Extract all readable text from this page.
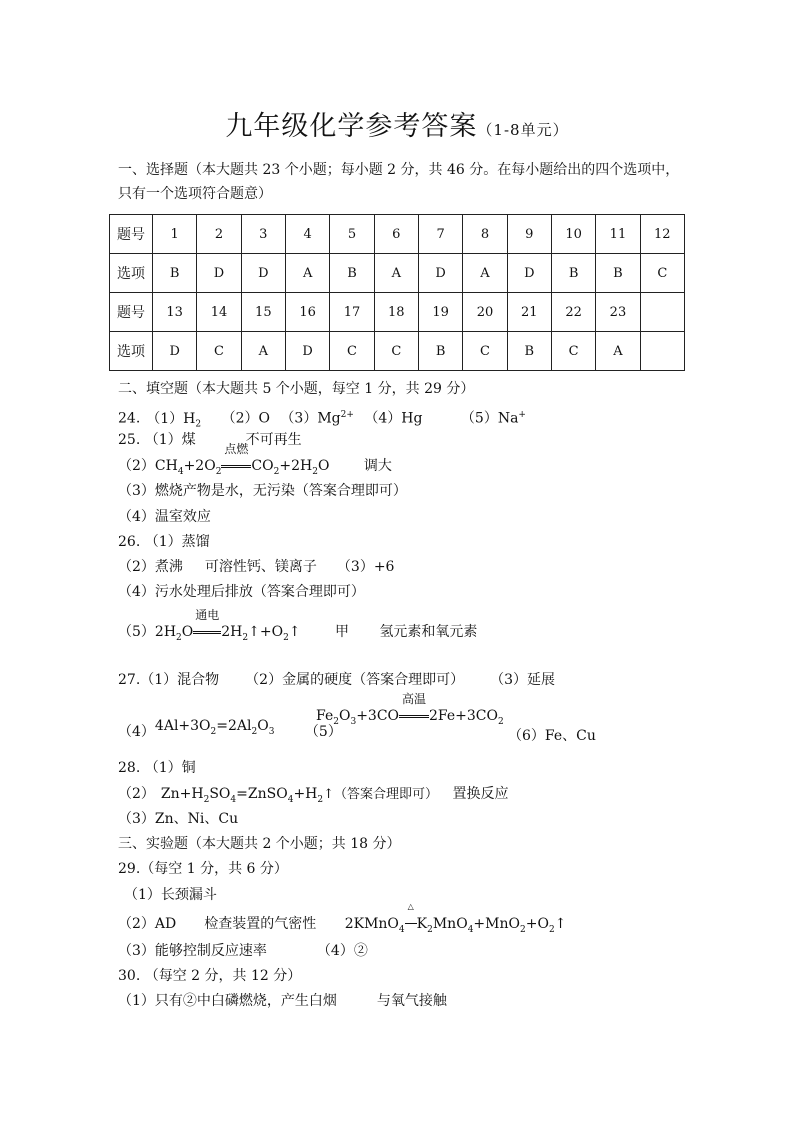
九年级化学参考答案（1-8单元）
一、选择题（本大题共 23 个小题；每小题 2 分，共 46 分。在每小题给出的四个选项中，只有一个选项符合题意）
题号	1	2	3	4	5	6	7	8	9	10	11	12
选项	B	D	D	A	B	A	D	A	D	B	B	C
题号	13	14	15	16	17	18	19	20	21	22	23	
选项	D	C	A	D	C	C	B	C	B	C	A	
二、填空题（本大题共 5 个小题，每空 1 分，共 29 分）
24. $(1)H_2$ （2）O $(3)Mg^{2+}$ （4）Hg	（5）Na+
25. （1）煤	不可再生
$(2)CH_4+2O_2$
点燃
$CO_2+2H_2O$ 调大
（3）燃烧产物是水，无污染（答案合理即可）
（4）温室效应
26. （1）蒸馏
（2）煮沸 可溶性钙、镁离子 （3）+6
（4）污水处理后排放（答案合理即可）
$(5)2H_2O$
通电
$2H_2↑+O_2↑$ 甲 氢元素和氧元素
27.（1）混合物 （2）金属的硬度（答案合理即可） （3）延展
$(4)4Al+3O_2=2Al_2O_3$ （5）
$Fe_2O_3+3CO$
高温
$2Fe+3CO_2$
（6）Fe、Cu
28. （1）铜
（2） $Zn+H_2SO_4=ZnSO_4+H_2↑$（答案合理即可） 置换反应
（3）Zn、Ni、Cu
三、实验题（本大题共 2 个小题；共 18 分）
29.（每空 1 分，共 6 分）
（1）长颈漏斗
（2）AD 检查装置的气密性 2KMnO$_4$
△
$K_2MnO_4+MnO_2+O_2↑$
（3）能够控制反应速率	（4）②
30. （每空 2 分，共 12 分）
（1）只有②中白磷燃烧，产生白烟	与氧气接触
